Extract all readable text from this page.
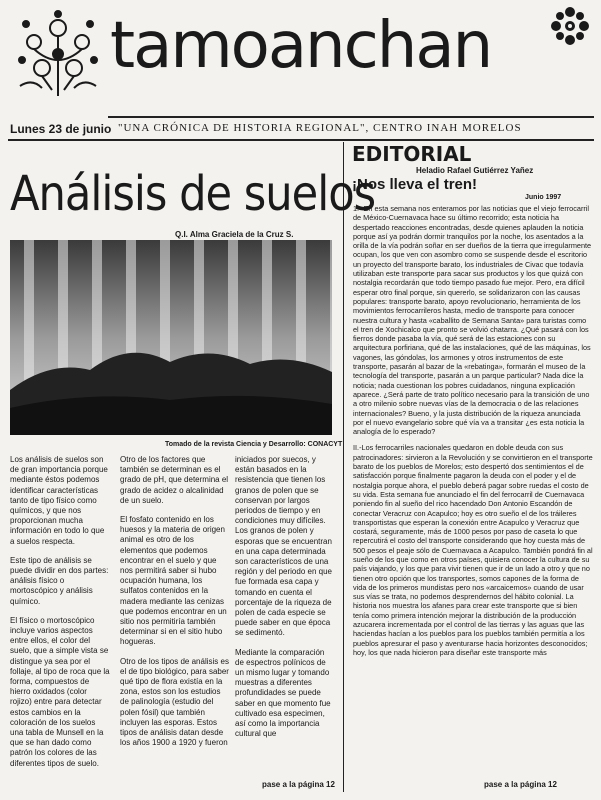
tamoanchan
Lunes 23 de junio "UNA CRÓNICA DE HISTORIA REGIONAL", CENTRO INAH MORELOS
Análisis de suelos
Q.I. Alma Graciela de la Cruz S.
Tomado de la revista Ciencia y Desarrollo: CONACYT

Los análisis de suelos son de gran importancia porque mediante éstos podemos identificar características tanto de tipo físico como químicos, y que nos proporcionan mucha información en todo lo que a suelos respecta.

Este tipo de análisis se puede dividir en dos partes: análisis físico o mortoscópico y análisis químico.

El físico o mortoscópico incluye varios aspectos entre ellos, el color del suelo, que a simple vista se distingue ya sea por el follaje, al tipo de roca que la forma, compuestos de hierro oxidados (color rojizo) entre para detectar estos cambios en la coloración de los suelos una tabla de Munsell en la que se han dado como patrón los colores de las diferentes tipos de suelo.

Otro de los factores que también se determinan es el grado de pH, que determina el grado de acidez o alcalinidad de un suelo.

El fosfato contenido en los huesos y la materia de origen animal es otro de los elementos que podemos encontrar en el suelo y que nos permitirá saber si hubo ocupación humana, los sulfatos contenidos en la madera mediante las cenizas que podemos encontrar en un sitio nos permitiría también determinar si en el sitio hubo hogueras.

Otro de los tipos de análisis es el de tipo biológico, para saber qué tipo de flora existía en la zona, estos son los estudios de palinología (estudio del polen fósil) que también incluyen las esporas. Estos tipos de análisis datan desde los años 1900 a 1920 y fueron

iniciados por suecos, y están basados en la resistencia que tienen los granos de polen que se conservan por largos periodos de tiempo y en condiciones muy difíciles. Los granos de polen y esporas que se encuentran en una capa determinada son característicos de una región y del periodo en que fue formada esa capa y tomando en cuenta el porcentaje de la riqueza de polen de cada especie se puede saber en que época se sedimentó.

Mediante la comparación de espectros polínicos de un mismo lugar y tomando muestras a diferentes profundidades se puede saber en que momento fue cultivado esa especimen, así como la importancia cultural que

pase a la página 12
EDITORIAL
Heladio Rafael Gutiérrez Yañez
¡Nos lleva el tren!
Junio 1997

1.- En esta semana nos enteramos por las noticias que el viejo ferrocarril de México-Cuernavaca hace su último recorrido; esta noticia ha despertado reacciones encontradas, desde quienes aplauden la noticia porque así ya podrán dormir tranquilos por la noche, los asentados a la orilla de la vía podrán soñar en ser dueños de la tierra que irregularmente ocupan, los que ven con asombro como se suspende desde el escritorio un proyecto del transporte barato, los industriales de Civac que todavía utilizaban este transporte para sacar sus productos y los que quizá con nostalgia recordarán que todo tiempo pasado fue mejor. Pero, era difícil esperar otro final porque, sin quererlo, se solidarizaron con las causas populares: transporte barato, apoyo revolucionario, herramienta de los movimientos ferrocarrileros hasta, medio de transporte para conocer nuestra cultura y hasta «caballito de Semana Santa» para turistas como el tren de Xochicalco que pronto se volvió chatarra. ¿Qué pasará con los fierros donde pasaba la vía, qué será de las estaciones con su arquitectura porfiriana, qué de las instalaciones, qué de las máquinas, los vagones, las góndolas, los armones y otros instrumentos de este transporte, pasarán al bazar de la «rebatinga», formarán el museo de la tecnología del transporte, pasarán a un parque particular? Nada dice la noticia; nada cuestionan los pobres cuidadanos, ninguna explicación aparece. ¿Será parte de trato político necesario para la transición de uno a otro milenio sobre nuevas vías de la democracia o de las relaciones internacionales? Bueno, y la justa distribución de la riqueza anunciada por el nuevo evangelario sobre qué vía va a transitar ¿es esta noticia la analogía de lo esperado?

II.-Los ferrocarriles nacionales quedaron en doble deuda con sus patrocinadores: sirvieron a la Revolución y se convirtieron en el transporte barato de los pueblos de Morelos; esto despertó dos sentimientos el de satisfacción porque finalmente pagaron la deuda con el poder y el de nostalgia porque ahora, el pueblo deberá pagar sobre ruedas el costo de su vida. Esta semana fue anunciado el fin del ferrocarril de Cuernavaca poniendo fin al sueño del rico hacendado Don Antonio Escandón de conectar Veracruz con Acapulco; hoy es otro sueño el de los tráileres transportistas que esperan la conexión entre Acapulco y Veracruz que costará, seguramente, más de 1000 pesos por paso de caseta lo que repercutirá el costo del transporte considerando que hoy cuesta más de 500 pesos el peaje sólo de Cuernavaca a Acapulco. También pondrá fin al sueño de los que como en otros países, quisiera conocer la cultura de su país viajando, y los que para vivir tienen que ir de un lado a otro y que no tienen otro opción que los transportes, somos capones de la forma de vida de los primeros mundistas pero nos «arcaicemos» cuando de usar sus vías se trata, no podemos desprendernos del hábito colonial. La historia nos muestra los afanes para crear este transporte que si bien tenía como primera intención mejorar la distribución de la producción azucarera incrementada por el control de las tierras y las aguas que las haciendas hacían a los pueblos para los pueblos también permitía a los pueblos apresurar el paso y aventurarse hacia horizontes desconocidos; hoy, los que nada hicieron para diseñar este transporte más

pase a la página 12
